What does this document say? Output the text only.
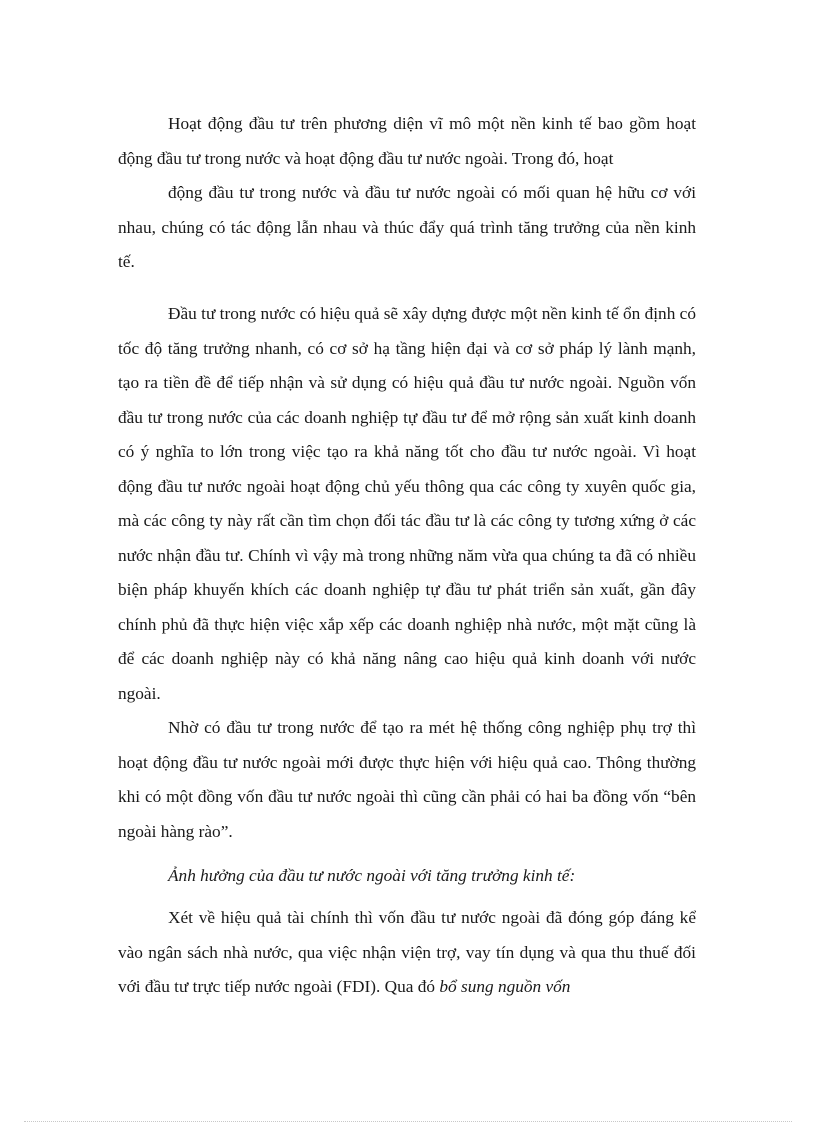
Hoạt động đầu tư trên phương diện vĩ mô một nền kinh tế bao gồm hoạt động đầu tư trong nước và hoạt động đầu tư nước ngoài. Trong đó, hoạt

động đầu tư trong nước và đầu tư nước ngoài có mối quan hệ hữu cơ với nhau, chúng có tác động lẫn nhau và thúc đẩy quá trình tăng trưởng của nền kinh tế.

Đầu tư trong nước có hiệu quả sẽ xây dựng được một nền kinh tế ổn định có tốc độ tăng trưởng nhanh, có cơ sở hạ tầng hiện đại và cơ sở pháp lý lành mạnh, tạo ra tiền đề để tiếp nhận và sử dụng có hiệu quả đầu tư nước ngoài. Nguồn vốn đầu tư trong nước của các doanh nghiệp tự đầu tư để mở rộng sản xuất kinh doanh có ý nghĩa to lớn trong việc tạo ra khả năng tốt cho đầu tư nước ngoài. Vì hoạt động đầu tư nước ngoài hoạt động chủ yếu thông qua các công ty xuyên quốc gia, mà các công ty này rất cần tìm chọn đối tác đầu tư là các công ty tương xứng ở các nước nhận đầu tư. Chính vì vậy mà trong những năm vừa qua chúng ta đã có nhiều biện pháp khuyến khích các doanh nghiệp tự đầu tư phát triển sản xuất, gần đây chính phủ đã thực hiện việc xắp xếp các doanh nghiệp nhà nước, một mặt cũng là để các doanh nghiệp này có khả năng nâng cao hiệu quả kinh doanh với nước ngoài.

Nhờ có đầu tư trong nước để tạo ra mét hệ thống công nghiệp phụ trợ thì hoạt động đầu tư nước ngoài mới được thực hiện với hiệu quả cao. Thông thường khi có một đồng vốn đầu tư nước ngoài thì cũng cần phải có hai ba đồng vốn “bên ngoài hàng rào”.

Ảnh hưởng của đầu tư nước ngoài với tăng trưởng kinh tế:

Xét về hiệu quả tài chính thì vốn đầu tư nước ngoài đã đóng góp đáng kể vào ngân sách nhà nước, qua việc nhận viện trợ, vay tín dụng và qua thu thuế đối với đầu tư trực tiếp nước ngoài (FDI). Qua đó bổ sung nguồn vốn
